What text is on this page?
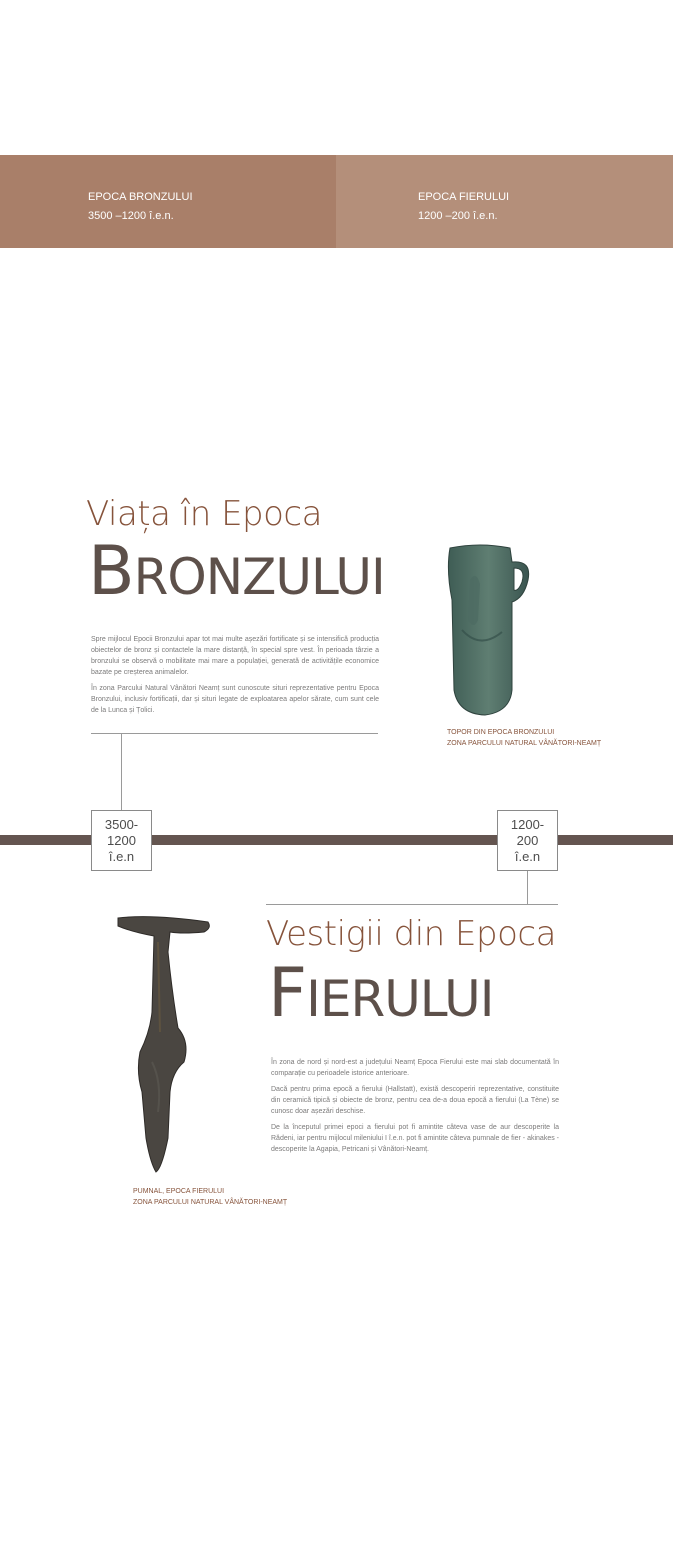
EPOCA BRONZULUI
3500 –1200 î.e.n.
EPOCA FIERULUI
1200 –200 î.e.n.
Viața în Epoca
BRONZULUI

Spre mijlocul Epocii Bronzului apar tot mai multe așezări fortificate și se intensifică producția obiectelor de bronz și contactele la mare distanță, în special spre vest. În perioada târzie a bronzului se observă o mobilitate mai mare a populației, generată de activitățile economice bazate pe creșterea animalelor.

În zona Parcului Natural Vânători Neamț sunt cunoscute situri reprezentative pentru Epoca Bronzului, inclusiv fortificații, dar și situri legate de exploatarea apelor sărate, cum sunt cele de la Lunca și Țolici.

TOPOR DIN EPOCA BRONZULUI
ZONA PARCULUI NATURAL VÂNĂTORI-NEAMȚ
3500-
1200
î.e.n
1200-
200
î.e.n
Vestigii din Epoca
FIERULUI

În zona de nord și nord-est a județului Neamț Epoca Fierului este mai slab documentată în comparație cu perioadele istorice anterioare.

Dacă pentru prima epocă a fierului (Hallstatt), există descoperiri reprezentative, constituite din ceramică tipică și obiecte de bronz, pentru cea de-a doua epocă a fierului (La Tène) se cunosc doar așezări deschise.

De la începutul primei epoci a fierului pot fi amintite câteva vase de aur descoperite la Rădeni, iar pentru mijlocul mileniului I î.e.n. pot fi amintite câteva pumnale de fier - akinakes - descoperite la Agapia, Petricani și Vânători-Neamț.

PUMNAL, EPOCA FIERULUI
ZONA PARCULUI NATURAL VÂNĂTORI-NEAMȚ
